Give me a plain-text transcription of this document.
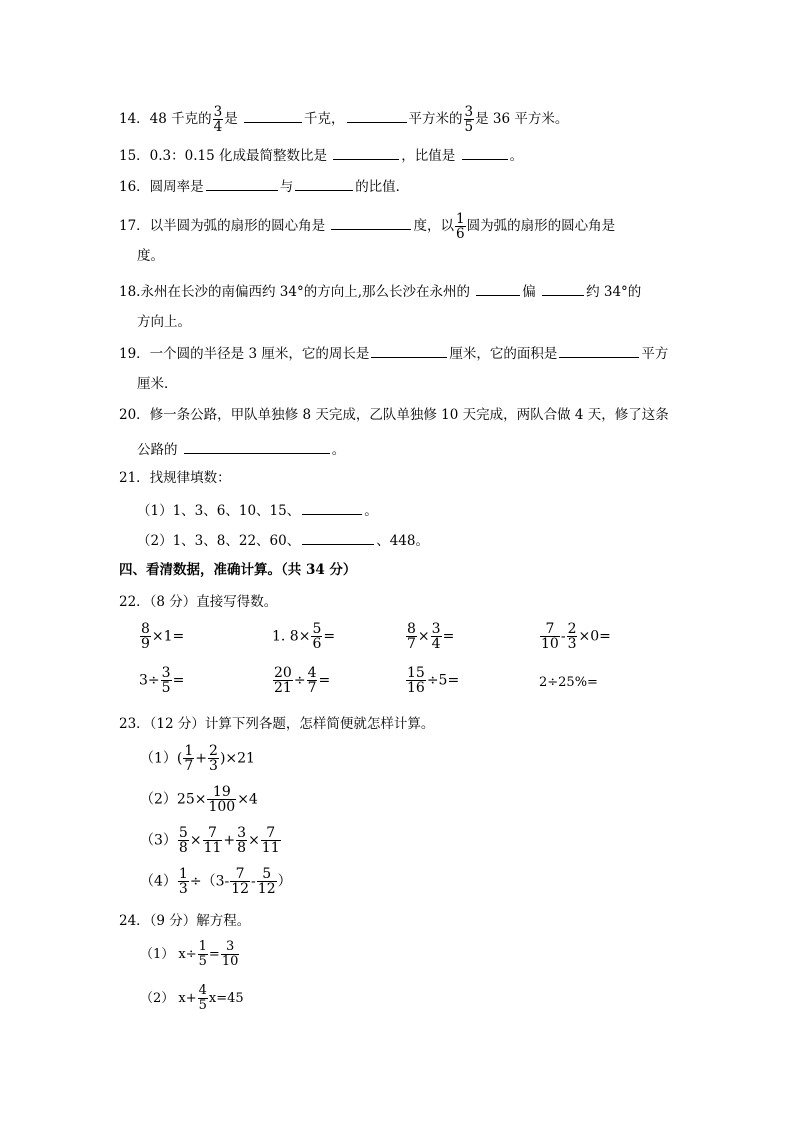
14．48 千克的 $\frac{3}{4}$ 是	千克，	平方米的 $\frac{3}{5}$ 是 36 平方米。
15．0.3：0.15 化成最简整数比是	，比值是	。
16．圆周率是	与	的比值．
17．以半圆为弧的扇形的圆心角是	度，以 $\frac{1}{6}$ 圆为弧的扇形的圆心角是
度。
18.永州在长沙的南偏西约 34°的方向上,那么长沙在永州的	偏	约 34°的
方向上。
19．一个圆的半径是 3 厘米，它的周长是	厘米，它的面积是	平方
厘米．
20．修一条公路，甲队单独修 8 天完成，乙队单独修 10 天完成，两队合做 4 天，修了这条
公路的	。
21．找规律填数：
（1）1、3、6、10、15、	。
（2）1、3、8、22、60、	、448。
四、看清数据，准确计算。（共 34 分）
22．（8 分）直接写得数。
$\frac{8}{9} \times 1=$	1. $8\times \frac{5}{6}$ =	$\frac{8}{7} \times \frac{3}{4}$ =	$\frac{7}{10} - \frac{2}{3} \times 0=$
$3\div \frac{3}{5}$ =	$\frac{20}{21} \div \frac{4}{7}$ =	$\frac{15}{16} \div 5=$	2÷25%=
23．（12 分）计算下列各题，怎样简便就怎样计算。
$(1)( \frac{1}{7} + \frac{2}{3} )\times 21$
$(2)25\times \frac{19}{100} \times 4$
$(3) \frac{5}{8} \times \frac{7}{11} + \frac{3}{8} \times \frac{7}{11}$
$(4) \frac{1}{3} \div(3- \frac{7}{12} - \frac{5}{12}$ ）
24．（9 分）解方程。
（1） $x\div \frac{1}{5} = \frac{3}{10}$
（2） $x+ \frac{4}{5} x=45$
